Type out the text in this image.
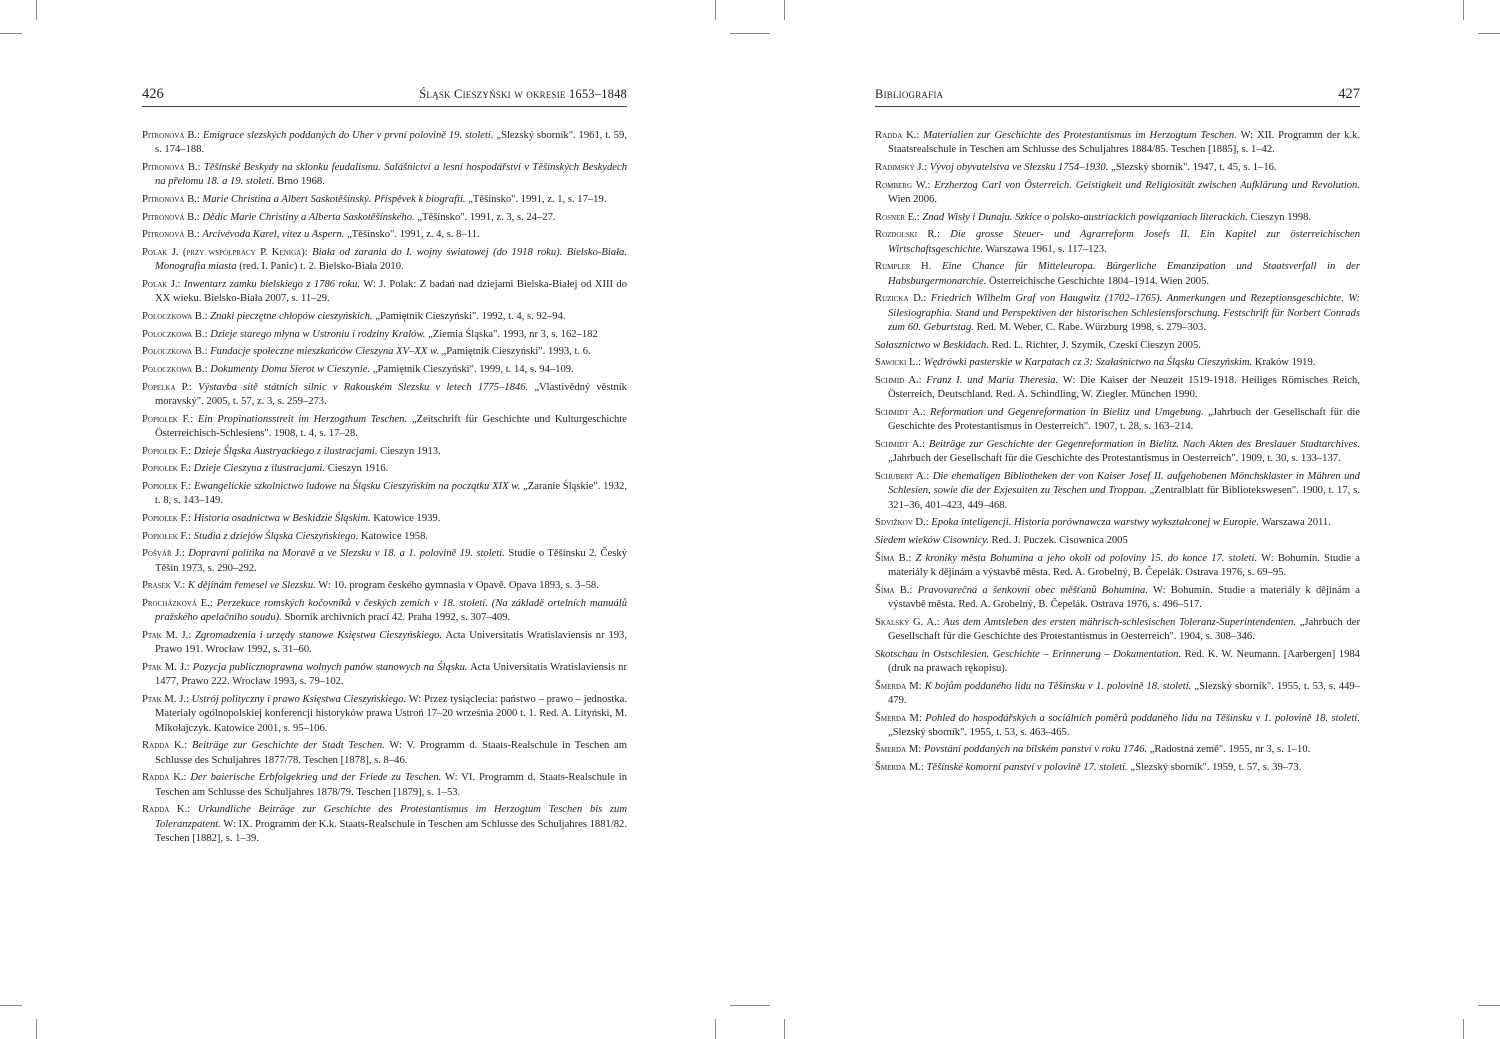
426	Śląsk Cieszyński w okresie 1653–1848

Pitronová B.: Emigrace slezských poddaných do Uher v první polovině 19. století. „Slezský sborník". 1961, t. 59, s. 174–188.

Pitronová B.: Těšínské Beskydy na sklonku feudalismu. Salášnictví a lesní hospodářství v Těšínských Beskydech na přelomu 18. a 19. století. Brno 1968.

Pitronová B.: Marie Christina a Albert Saskotěšínský. Příspěvek k biografii. „Těšínsko". 1991, z. 1, s. 17–19.

Pitronová B.: Dědic Marie Christiny a Alberta Saskotěšínského. „Těšínsko". 1991, z. 3, s. 24–27.

Pitronová B.: Arcivévoda Karel, vítez u Aspern. „Těšínsko". 1991, z. 4, s. 8–11.

Polak J. (przy współpracy P. Kenigа): Biała od zarania do I. wojny światowej (do 1918 roku). Bielsko-Biała. Monografia miasta (red. I. Panic) t. 2. Bielsko-Biała 2010.

Polak J.: Inwentarz zamku bielskiego z 1786 roku. W: J. Polak: Z badań nad dziejami Bielska-Białej od XIII do XX wieku. Bielsko-Biała 2007, s. 11–29.

Poloczkowa B.: Znaki pieczętne chłopów cieszyńskich. „Pamiętnik Cieszyński". 1992, t. 4, s. 92–94.

Poloczkowa B.: Dzieje starego młyna w Ustroniu i rodziny Kralów. „Ziemia Śląska". 1993, nr 3, s. 162–182

Poloczkowa B.: Fundacje społeczne mieszkańców Cieszyna XV–XX w. „Pamiętnik Cieszyński". 1993, t. 6.

Poloczkowa B.: Dokumenty Domu Sierot w Cieszynie. „Pamiętnik Cieszyński". 1999, t. 14, s. 94–109.

Popelka P.: Výstavba sítě státních silnic v Rakouském Slezsku v letech 1775–1846. „Vlastivědný věstník moravský". 2005, t. 57, z. 3, s. 259–273.

Popiołek F.: Ein Propinationsstreit im Herzogthum Teschen. „Zeitschrift für Geschichte und Kulturgeschichte Österreichisch-Schlesiens". 1908, t. 4, s. 17–28.

Popiołek F.: Dzieje Śląska Austryackiego z ilustracjami. Cieszyn 1913.

Popiołek F.: Dzieje Cieszyna z ilustracjami. Cieszyn 1916.

Popiołek F.: Ewangelickie szkolnictwo ludowe na Śląsku Cieszyńskim na początku XIX w. „Zaranie Śląskie". 1932, t. 8, s. 143–149.

Popiołek F.: Historia osadnictwa w Beskidzie Śląskim. Katowice 1939.

Popiołek F.: Studia z dziejów Śląska Cieszyńskiego. Katowice 1958.

Pošvář J.: Dopravní politika na Moravě a ve Slezsku v 18. a 1. polovině 19. století. Studie o Těšínsku 2. Český Těšín 1973, s. 290–292.

Prasek V.: K dějinám řemesel ve Slezsku. W: 10. program českého gymnasia v Opavě. Opava 1893, s. 3–58.

Procházková E.: Perzekuce romských kočovníků v českých zemích v 18. století. (Na základě ortelních manuálů pražského apelačního soudu). Sborník archivních prací 42. Praha 1992, s. 307–409.

Ptak M. J.: Zgromadzenia i urzędy stanowe Księstwa Cieszyńskiego. Acta Universitatis Wratislaviensis nr 193, Prawo 191. Wrocław 1992, s. 31–60.

Ptak M. J.: Pozycja publicznoprawna wolnych panów stanowych na Śląsku. Acta Universitatis Wratislaviensis nr 1477, Prawo 222. Wrocław 1993, s. 79–102.

Ptak M. J.: Ustrój polityczny i prawo Księstwa Cieszyńskiego. W: Przez tysiąclecia: państwo – prawo – jednostka. Materiały ogólnopolskiej konferencji historyków prawa Ustroń 17–20 września 2000 t. 1. Red. A. Lityński, M. Mikołajczyk. Katowice 2001, s. 95–106.

Radda K.: Beiträge zur Geschichte der Stadt Teschen. W: V. Programm d. Staats-Realschule in Teschen am Schlusse des Schuljahres 1877/78. Teschen [1878], s. 8–46.

Radda K.: Der baierische Erbfolgekrieg und der Friede zu Teschen. W: VI. Programm d. Staats-Realschule in Teschen am Schlusse des Schuljahres 1878/79. Teschen [1879], s. 1–53.

Radda K.: Urkundliche Beiträge zur Geschichte des Protestantismus im Herzogtum Teschen bis zum Toleranzpatent. W: IX. Programm der K.k. Staats-Realschule in Teschen am Schlusse des Schuljahres 1881/82. Teschen [1882], s. 1–39.

Bibliografia	427

Radda K.: Materialien zur Geschichte des Protestantismus im Herzogtum Teschen. W: XII. Programm der k.k. Staatsrealschule in Teschen am Schlusse des Schuljahres 1884/85. Teschen [1885], s. 1–42.

Radimský J.: Vývoj obyvatelstva ve Slezsku 1754–1930. „Slezský sborník". 1947, t. 45, s. 1–16.

Romberg W.: Erzherzog Carl von Österreich. Geistigkeit und Religiosität zwischen Aufklärung und Revolution. Wien 2006.

Rosner E.: Znad Wisły i Dunaju. Szkice o polsko-austriackich powiązaniach literackich. Cieszyn 1998.

Rozdolski R.: Die grosse Steuer- und Agrarreform Josefs II. Ein Kapitel zur österreichischen Wirtschaftsgeschichte. Warszawa 1961, s. 117–123.

Rumpler H. Eine Chance für Mitteleuropa. Bürgerliche Emanzipation und Staatsverfall in der Habsburgermonarchie. Österreichische Geschichte 1804–1914. Wien 2005.

Ruzicka D.: Friedrich Wilhelm Graf von Haugwitz (1702–1765). Anmerkungen und Rezeptionsgeschichte. W: Silesiographia. Stand und Perspektiven der historischen Schlesiensforschung. Festschrift für Norbert Conrads zum 60. Geburtstag. Red. M. Weber, C. Rabe. Würzburg 1998, s. 279–303.

Sałasznictwo w Beskidach. Red. L. Richter, J. Szymik, Czeski Cieszyn 2005.

Sawicki L.: Wędrówki pasterskie w Karpatach cz 3: Szałaśnictwo na Śląsku Cieszyńskim. Kraków 1919.

Schmid A.: Franz I. und Maria Theresia. W: Die Kaiser der Neuzeit 1519-1918. Heiliges Römisches Reich, Österreich, Deutschland. Red. A. Schindling, W. Ziegler. München 1990.

Schmidt A.: Reformation und Gegenreformation in Bielitz und Umgebung. „Jahrbuch der Gesellschaft für die Geschichte des Protestantismus in Oesterreich". 1907, t. 28, s. 163–214.

Schmidt A.: Beiträge zur Geschichte der Gegenreformation in Bielitz. Nach Akten des Breslauer Stadtarchives. „Jahrbuch der Gesellschaft für die Geschichte des Protestantismus in Oesterreich". 1909, t. 30, s. 133–137.

Schubert A.: Die ehemaligen Bibliotheken der von Kaiser Josef II. aufgehobenen Mönchsklaster in Mähren und Schlesien, sowie die der Exjesuiten zu Teschen und Troppau. „Zentralblatt für Bibliotekswesen". 1900, t. 17, s. 321–36, 401–423, 449–468.

Sdvižkov D.: Epoka inteligencji. Historia porównawcza warstwy wykształconej w Europie. Warszawa 2011.

Siedem wieków Cisownicy. Red. J. Puczek. Cisownica 2005

Šíma B.: Z kroniky města Bohumína a jeho okolí od poloviny 15. do konce 17. století. W: Bohumín. Studie a materiály k dějinám a výstavbě města. Red. A. Grobelný, B. Čepelák. Ostrava 1976, s. 69–95.

Šíma B.: Pravovarečná a šenkovní obec měšťanů Bohumína. W: Bohumín. Studie a materiály k dějinám a výstavbě města. Red. A. Grobelný, B. Čepelák. Ostrava 1976, s. 496–517.

Skalský G. A.: Aus dem Amtsleben des ersten mährisch-schlesischen Toleranz-Superintendenten. „Jahrbuch der Gesellschaft für die Geschichte des Protestantismus in Oesterreich". 1904, s. 308–346.

Skotschau in Ostschlesien. Geschichte – Erinnerung – Dokumentation. Red. K. W. Neumann. [Aarbergen] 1984 (druk na prawach rękopisu).

Šmerda M: K bojům poddaného lidu na Těšínsku v 1. polovině 18. století. „Slezský sborník". 1955, t. 53, s. 449–479.

Šmerda M: Pohled do hospodářských a sociálních poměrů poddaného lidu na Těšínsku v 1. polovině 18. století. „Slezský sborník". 1955, t. 53, s. 463–465.

Šmerda M: Povstání poddaných na bílském panství v roku 1746. „Radostná země". 1955, nr 3, s. 1–10.

Šmerda M.: Těšínské komorní panství v polovině 17. století. „Slezský sborník". 1959, t. 57, s. 39–73.
